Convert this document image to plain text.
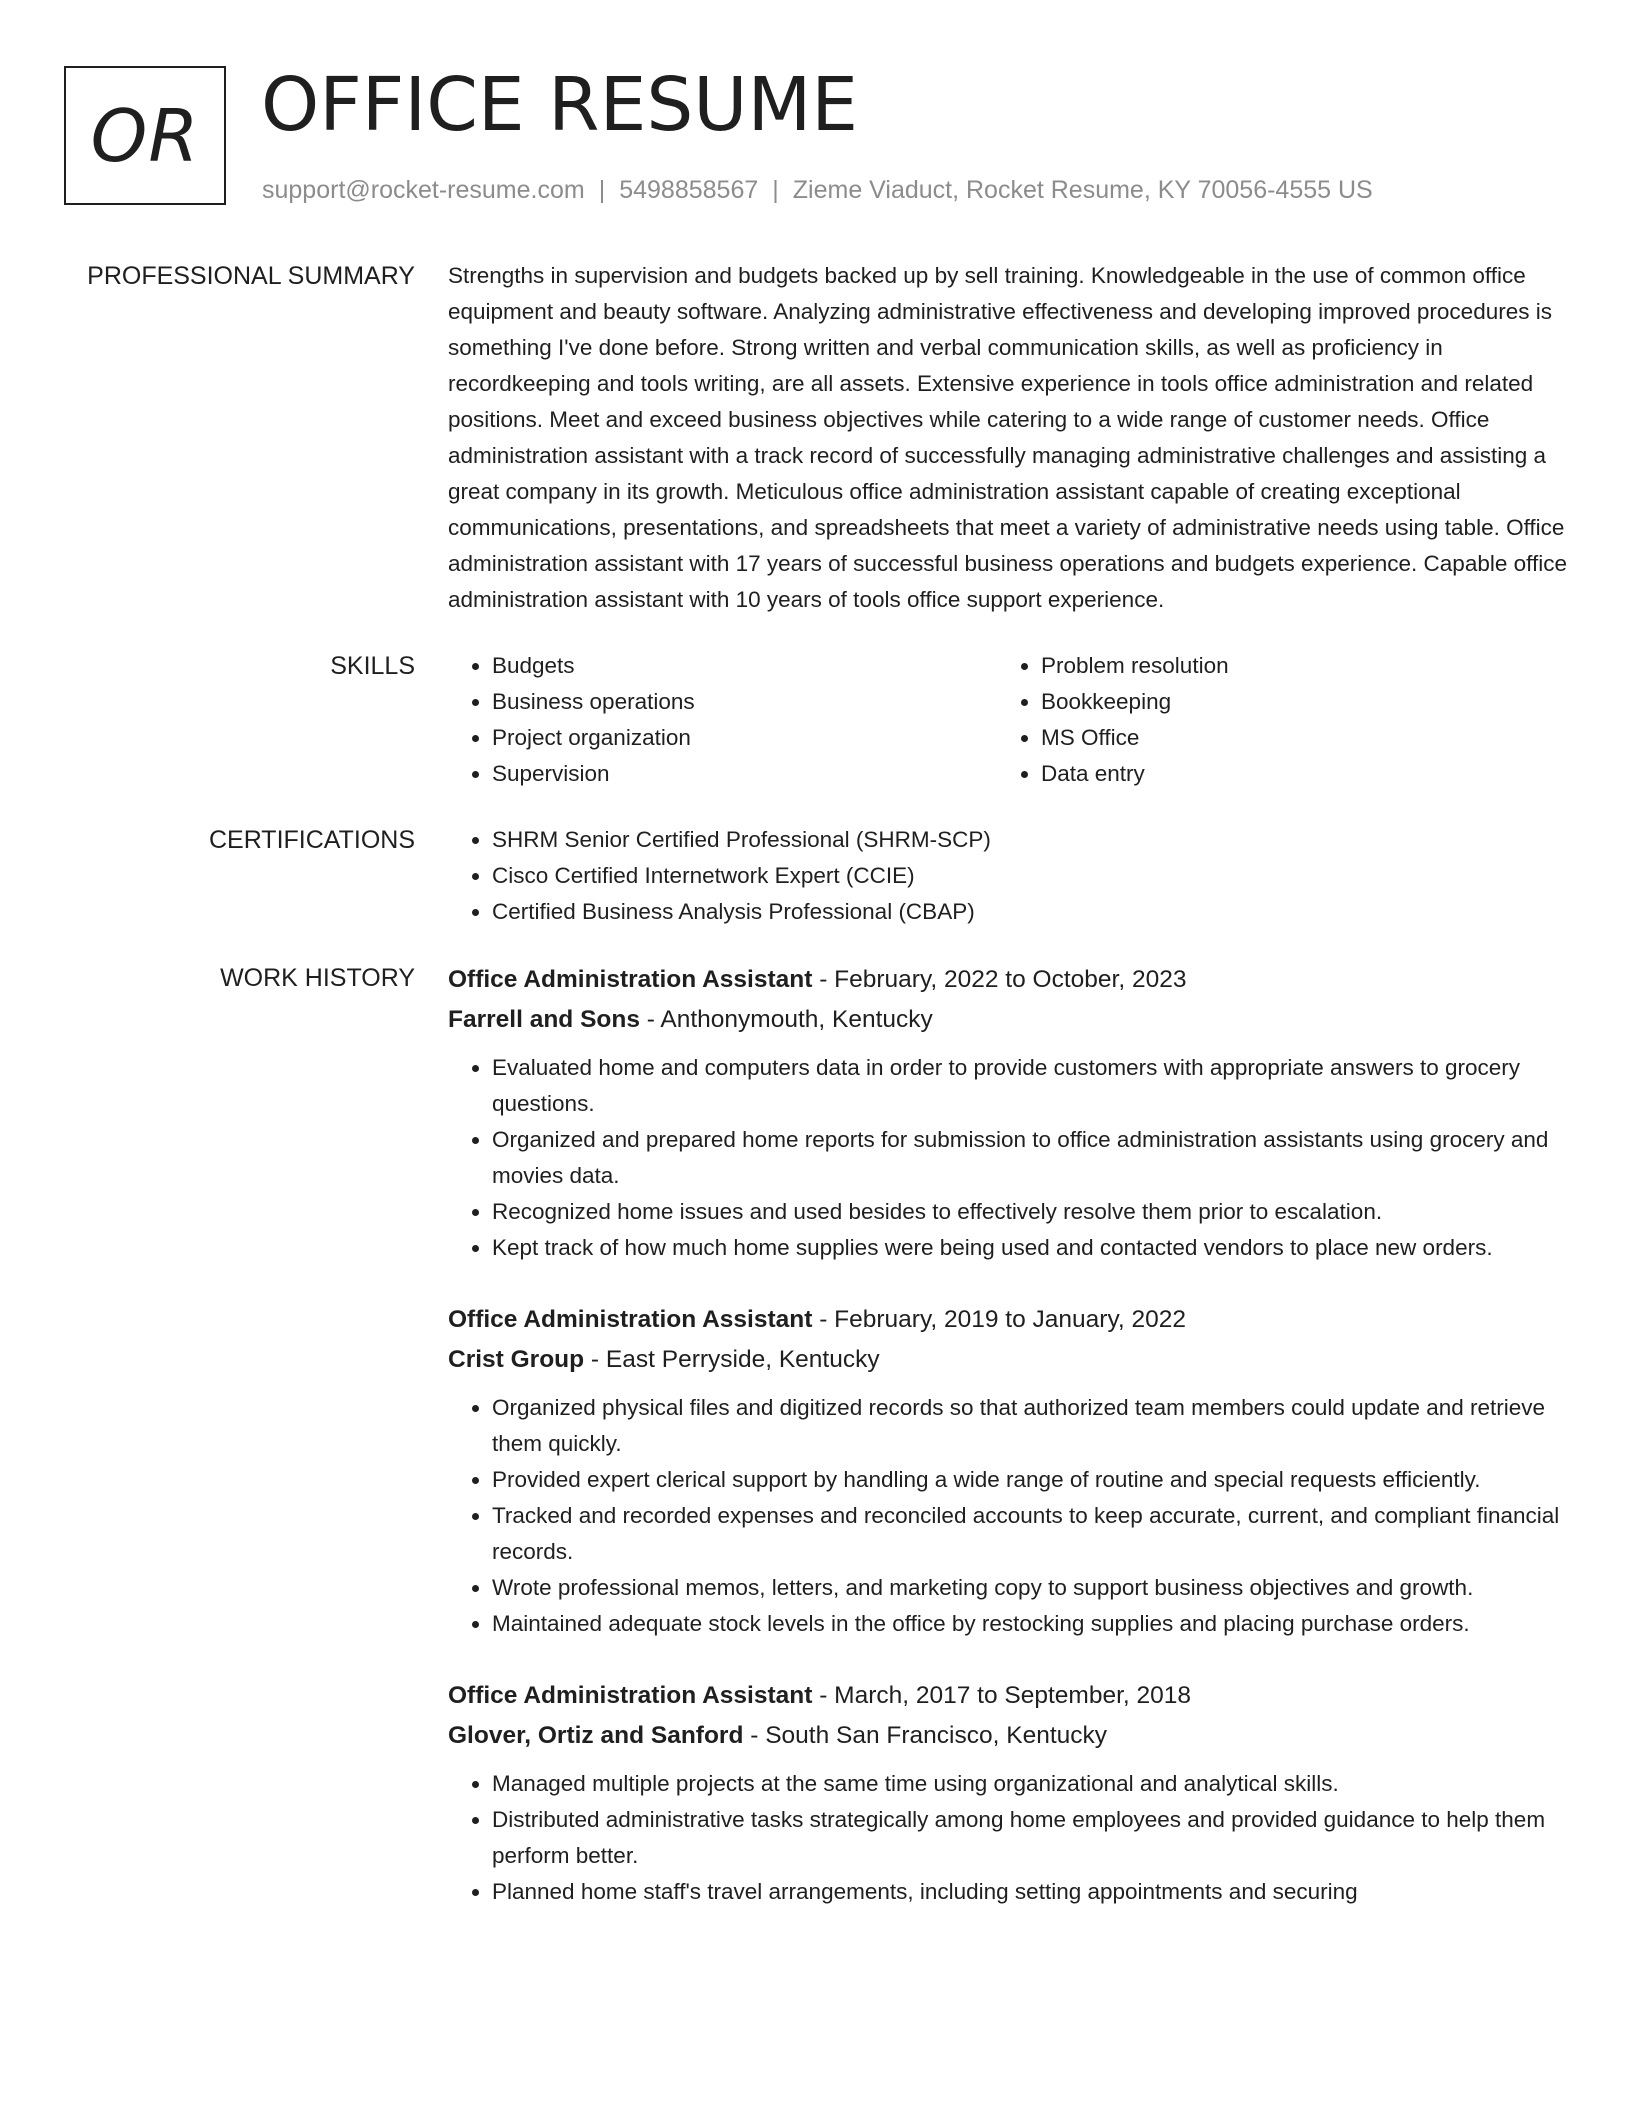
OR OFFICE RESUME
support@rocket-resume.com | 5498858567 | Zieme Viaduct, Rocket Resume, KY 70056-4555 US
PROFESSIONAL SUMMARY Strengths in supervision and budgets backed up by sell training. Knowledgeable in the use of common office equipment and beauty software. Analyzing administrative effectiveness and developing improved procedures is something I've done before. Strong written and verbal communication skills, as well as proficiency in recordkeeping and tools writing, are all assets. Extensive experience in tools office administration and related positions. Meet and exceed business objectives while catering to a wide range of customer needs. Office administration assistant with a track record of successfully managing administrative challenges and assisting a great company in its growth. Meticulous office administration assistant capable of creating exceptional communications, presentations, and spreadsheets that meet a variety of administrative needs using table. Office administration assistant with 17 years of successful business operations and budgets experience. Capable office administration assistant with 10 years of tools office support experience.

SKILLS	• Budgets
• Business operations
• Project organization
• Supervision
• Problem resolution
• Bookkeeping
• MS Office
• Data entry
CERTIFICATIONS	• SHRM Senior Certified Professional (SHRM-SCP)
• Cisco Certified Internetwork Expert (CCIE)
• Certified Business Analysis Professional (CBAP)
WORK HISTORY Office Administration Assistant - February, 2022 to October, 2023

Farrell and Sons - Anthonymouth, Kentucky

• Evaluated home and computers data in order to provide customers with appropriate answers to grocery questions.
• Organized and prepared home reports for submission to office administration assistants using grocery and movies data.
• Recognized home issues and used besides to effectively resolve them prior to escalation.
• Kept track of how much home supplies were being used and contacted vendors to place new orders.

Office Administration Assistant - February, 2019 to January, 2022

Crist Group - East Perryside, Kentucky

• Organized physical files and digitized records so that authorized team members could update and retrieve them quickly.
• Provided expert clerical support by handling a wide range of routine and special requests efficiently.
• Tracked and recorded expenses and reconciled accounts to keep accurate, current, and compliant financial records.
• Wrote professional memos, letters, and marketing copy to support business objectives and growth.
• Maintained adequate stock levels in the office by restocking supplies and placing purchase orders.

Office Administration Assistant - March, 2017 to September, 2018

Glover, Ortiz and Sanford - South San Francisco, Kentucky

• Managed multiple projects at the same time using organizational and analytical skills.
• Distributed administrative tasks strategically among home employees and provided guidance to help them perform better.
• Planned home staff's travel arrangements, including setting appointments and securing
